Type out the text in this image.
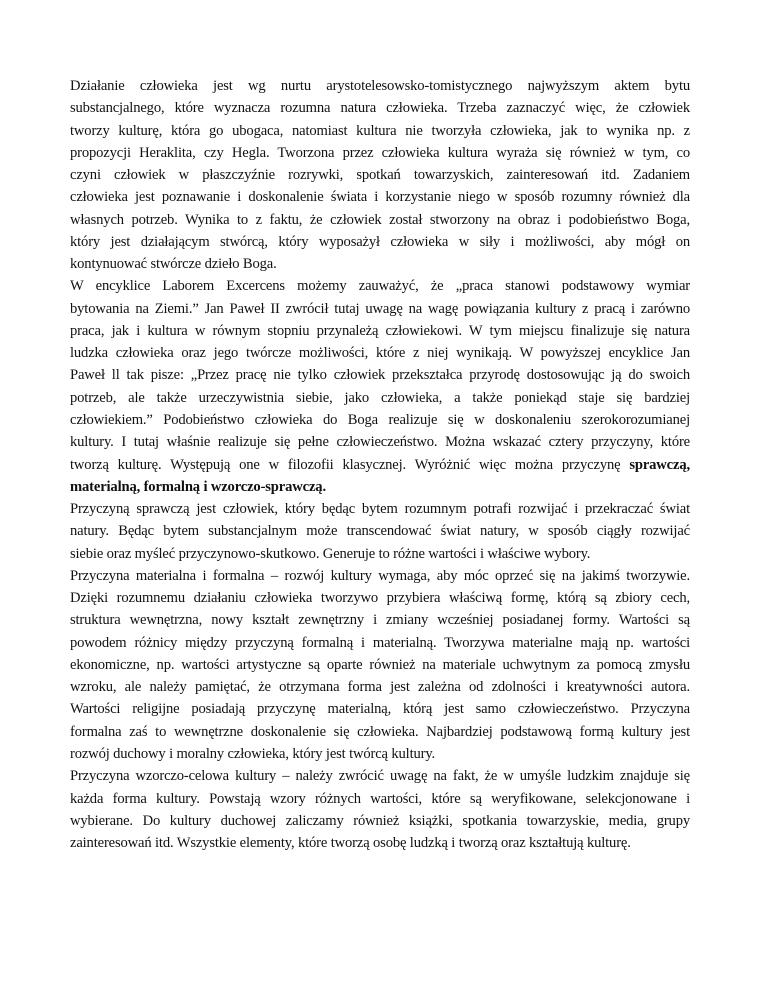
Działanie człowieka jest wg nurtu arystotelesowsko-tomistycznego najwyższym aktem bytu
substancjalnego, które wyznacza rozumna natura człowieka. Trzeba zaznaczyć więc, że człowiek
tworzy kulturę, która go ubogaca, natomiast kultura nie tworzyła człowieka, jak to wynika np. z
propozycji Heraklita, czy Hegla. Tworzona przez człowieka kultura wyraża się również w tym, co
czyni człowiek w płaszczyźnie rozrywki, spotkań towarzyskich, zainteresowań itd. Zadaniem
człowieka jest poznawanie i doskonalenie świata i korzystanie niego w sposób rozumny również dla
własnych potrzeb. Wynika to z faktu, że człowiek został stworzony na obraz i podobieństwo Boga,
który jest działającym stwórcą, który wyposażył człowieka w siły i możliwości, aby mógł on
kontynuować stwórcze dzieło Boga.
W encyklice Laborem Excercens możemy zauważyć, że „praca stanowi podstawowy wymiar
bytowania na Ziemi.” Jan Paweł II zwrócił tutaj uwagę na wagę powiązania kultury z pracą i zarówno
praca, jak i kultura w równym stopniu przynależą człowiekowi. W tym miejscu finalizuje się natura
ludzka człowieka oraz jego twórcze możliwości, które z niej wynikają. W powyższej encyklice Jan
Paweł ll tak pisze: „Przez pracę nie tylko człowiek przekształca przyrodę dostosowując ją do swoich
potrzeb, ale także urzeczywistnia siebie, jako człowieka, a także poniekąd staje się bardziej
człowiekiem.” Podobieństwo człowieka do Boga realizuje się w doskonaleniu szerokorozumianej
kultury. I tutaj właśnie realizuje się pełne człowieczeństwo. Można wskazać cztery przyczyny, które
tworzą kulturę. Występują one w filozofii klasycznej. Wyróżnić więc można przyczynę sprawczą,
materialną, formalną i wzorczo-sprawczą.
Przyczyną sprawczą jest człowiek, który będąc bytem rozumnym potrafi rozwijać i przekraczać świat
natury. Będąc bytem substancjalnym może transcendować świat natury, w sposób ciągły rozwijać
siebie oraz myśleć przyczynowo-skutkowo. Generuje to różne wartości i właściwe wybory.
Przyczyna materialna i formalna – rozwój kultury wymaga, aby móc oprzeć się na jakimś tworzywie.
Dzięki rozumnemu działaniu człowieka tworzywo przybiera właściwą formę, którą są zbiory cech,
struktura wewnętrzna, nowy kształt zewnętrzny i zmiany wcześniej posiadanej formy. Wartości są
powodem różnicy między przyczyną formalną i materialną. Tworzywa materialne mają np. wartości
ekonomiczne, np. wartości artystyczne są oparte również na materiale uchwytnym za pomocą zmysłu
wzroku, ale należy pamiętać, że otrzymana forma jest zależna od zdolności i kreatywności autora.
Wartości religijne posiadają przyczynę materialną, którą jest samo człowieczeństwo. Przyczyna
formalna zaś to wewnętrzne doskonalenie się człowieka. Najbardziej podstawową formą kultury jest
rozwój duchowy i moralny człowieka, który jest twórcą kultury.
Przyczyna wzorczo-celowa kultury – należy zwrócić uwagę na fakt, że w umyśle ludzkim znajduje się
każda forma kultury. Powstają wzory różnych wartości, które są weryfikowane, selekcjonowane i
wybierane. Do kultury duchowej zaliczamy również książki, spotkania towarzyskie, media, grupy
zainteresowań itd. Wszystkie elementy, które tworzą osobę ludzką i tworzą oraz kształtują kulturę.
